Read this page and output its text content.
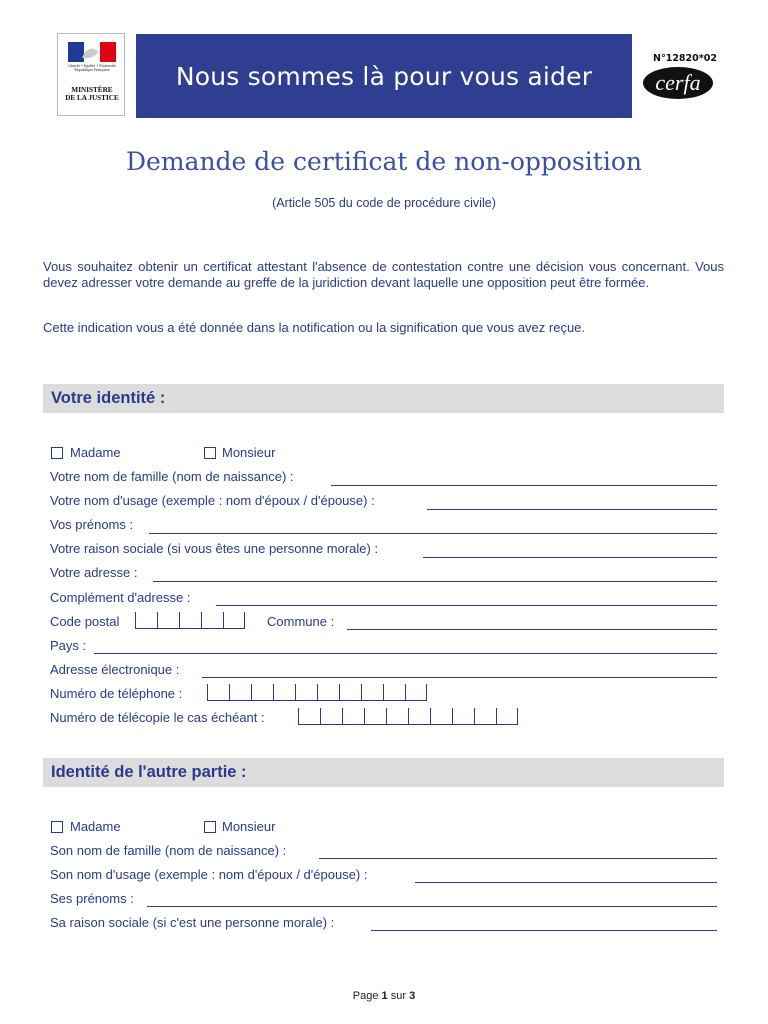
Liberté • Égalité • Fraternité
République Française
MINISTÈRE
DE LA JUSTICE
Nous sommes là pour vous aider
N°12820*02
cerfa
Demande de certificat de non-opposition
(Article 505 du code de procédure civile)

Vous souhaitez obtenir un certificat attestant l'absence de contestation contre une décision vous concernant. Vous devez adresser votre demande au greffe de la juridiction devant laquelle une opposition peut être formée.

Cette indication vous a été donnée dans la notification ou la signification que vous avez reçue.

Votre identité :
Madame	Monsieur
Votre nom de famille (nom de naissance) :
Votre nom d'usage (exemple : nom d'époux / d'épouse) :
Vos prénoms :
Votre raison sociale (si vous êtes une personne morale) :
Votre adresse :
Complément d'adresse :
Code postal	Commune :
Pays :
Adresse électronique :
Numéro de téléphone :
Numéro de télécopie le cas échéant :
Identité de l'autre partie :
Madame	Monsieur
Son nom de famille (nom de naissance) :
Son nom d'usage (exemple : nom d'époux / d'épouse) :
Ses prénoms :
Sa raison sociale (si c'est une personne morale) :
Page 1 sur 3
